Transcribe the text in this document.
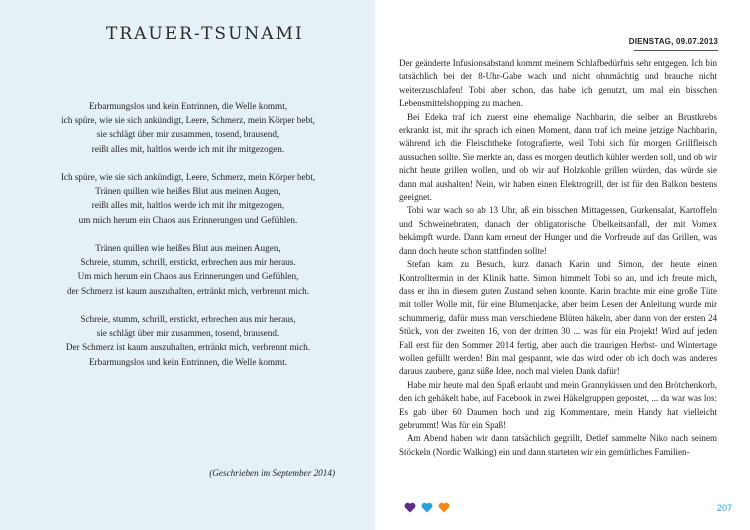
TRAUER-TSUNAMI
Erbarmungslos und kein Entrinnen, die Welle kommt,
ich spüre, wie sie sich ankündigt, Leere, Schmerz, mein Körper bebt,
sie schlägt über mir zusammen, tosend, brausend,
reißt alles mit, haltlos werde ich mit ihr mitgezogen.
Ich spüre, wie sie sich ankündigt, Leere, Schmerz, mein Körper bebt,
Tränen quillen wie heißes Blut aus meinen Augen,
reißt alles mit, haltlos werde ich mit ihr mitgezogen,
um mich herum ein Chaos aus Erinnerungen und Gefühlen.
Tränen quillen wie heißes Blut aus meinen Augen,
Schreie, stumm, schrill, erstickt, erbrechen aus mir heraus.
Um mich herum ein Chaos aus Erinnerungen und Gefühlen,
der Schmerz ist kaum auszuhalten, ertränkt mich, verbrennt mich.
Schreie, stumm, schrill, erstickt, erbrechen aus mir heraus,
sie schlägt über mir zusammen, tosend, brausend.
Der Schmerz ist kaum auszuhalten, ertränkt mich, verbrennt mich.
Erbarmungslos und kein Entrinnen, die Welle kommt.
(Geschrieben im September 2014)
DIENSTAG, 09.07.2013

Der geänderte Infusionsabstand kommt meinem Schlafbedürfnis sehr entgegen. Ich bin tatsächlich bei der 8-Uhr-Gabe wach und nicht ohnmächtig und brauche nicht weiterzuschlafen! Tobi aber schon, das habe ich genutzt, um mal ein bisschen Lebensmittelshopping zu machen.

Bei Edeka traf ich zuerst eine ehemalige Nachbarin, die selber an Brustkrebs erkrankt ist, mit ihr sprach ich einen Moment, dann traf ich meine jetzige Nachbarin, während ich die Fleischtheke fotografierte, weil Tobi sich für morgen Grillfleisch aussuchen sollte. Sie merkte an, dass es morgen deutlich kühler werden soll, und ob wir nicht heute grillen wollen, und ob wir auf Holzkohle grillen würden, das würde sie dann mal aushalten! Nein, wir haben einen Elektrogrill, der ist für den Balkon bestens geeignet.

Tobi war wach so ab 13 Uhr, aß ein bisschen Mittagessen, Gurkensalat, Kartoffeln und Schweinebraten, danach der obligatorische Übelkeitsanfall, der mit Vomex bekämpft wurde. Dann kam erneut der Hunger und die Vorfreude auf das Grillen, was dann doch heute schon stattfinden sollte!

Stefan kam zu Besuch, kurz danach Karin und Simon, der heute einen Kontrolltermin in der Klinik hatte. Simon himmelt Tobi so an, und ich freute mich, dass er ihn in diesem guten Zustand sehen konnte. Karin brachte mir eine große Tüte mit toller Wolle mit, für eine Blumenjacke, aber beim Lesen der Anleitung wurde mir schummerig, dafür muss man verschiedene Blüten häkeln, aber dann von der ersten 24 Stück, von der zweiten 16, von der dritten 30 ... was für ein Projekt! Wird auf jeden Fall erst für den Sommer 2014 fertig, aber auch die traurigen Herbst- und Wintertage wollen gefüllt werden! Bin mal gespannt, wie das wird oder ob ich doch was anderes daraus zaubere, ganz süße Idee, noch mal vielen Dank dafür!

Habe mir heute mal den Spaß erlaubt und mein Grannykissen und den Brötchenkorb, den ich gehäkelt habe, auf Facebook in zwei Häkelgruppen gepostet, ... da war was los: Es gab über 60 Daumen hoch und zig Kommentare, mein Handy hat vielleicht gebrummt! Was für ein Spaß!

Am Abend haben wir dann tatsächlich gegrillt, Detlef sammelte Niko nach seinem Stöckeln (Nordic Walking) ein und dann starteten wir ein gemütliches Familien-

207
